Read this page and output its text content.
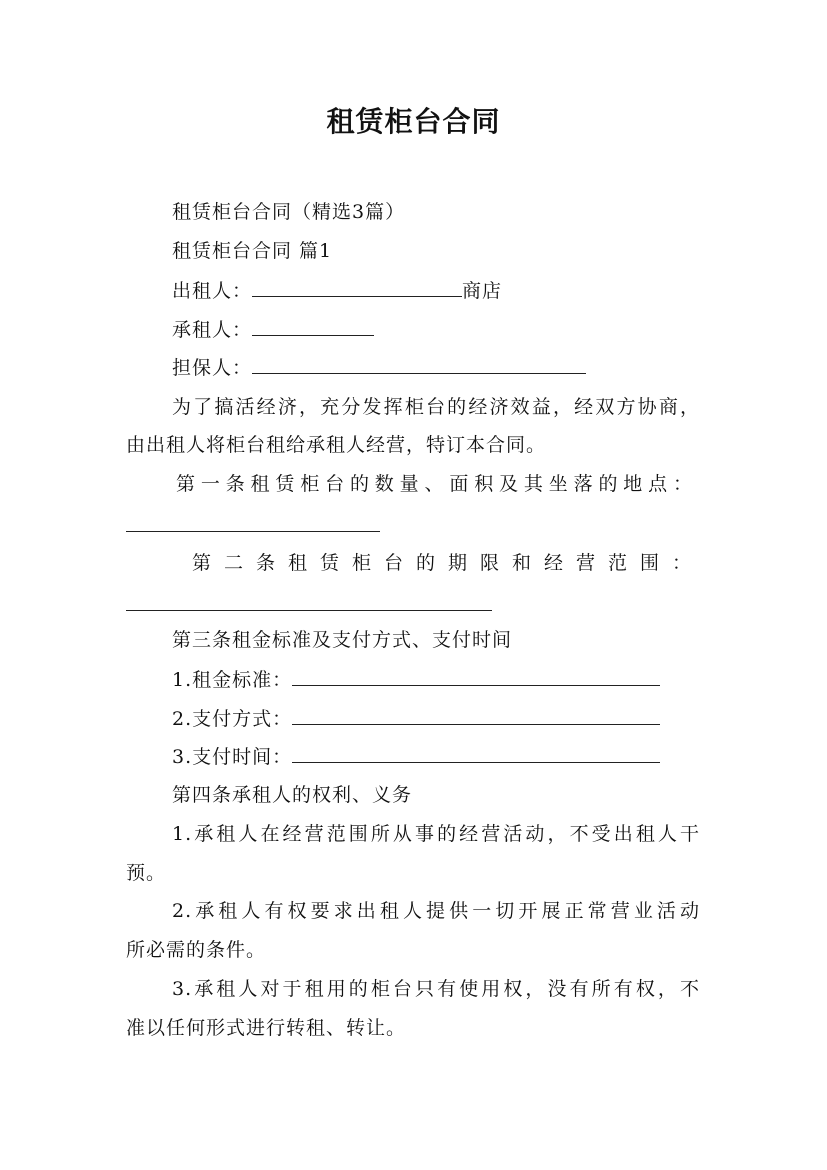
租赁柜台合同
租赁柜台合同（精选3篇）
租赁柜台合同 篇1
出租人：	商店
承租人：
担保人：
为了搞活经济，充分发挥柜台的经济效益，经双方协商，
由出租人将柜台租给承租人经营，特订本合同。
第一条租赁柜台的数量、面积及其坐落的地点：
第二条租赁柜台的期限和经营范围：
第三条租金标准及支付方式、支付时间
1.租金标准：
2.支付方式：
3.支付时间：
第四条承租人的权利、义务
1.承租人在经营范围所从事的经营活动，不受出租人干
预。
2.承租人有权要求出租人提供一切开展正常营业活动
所必需的条件。
3.承租人对于租用的柜台只有使用权，没有所有权，不
准以任何形式进行转租、转让。
